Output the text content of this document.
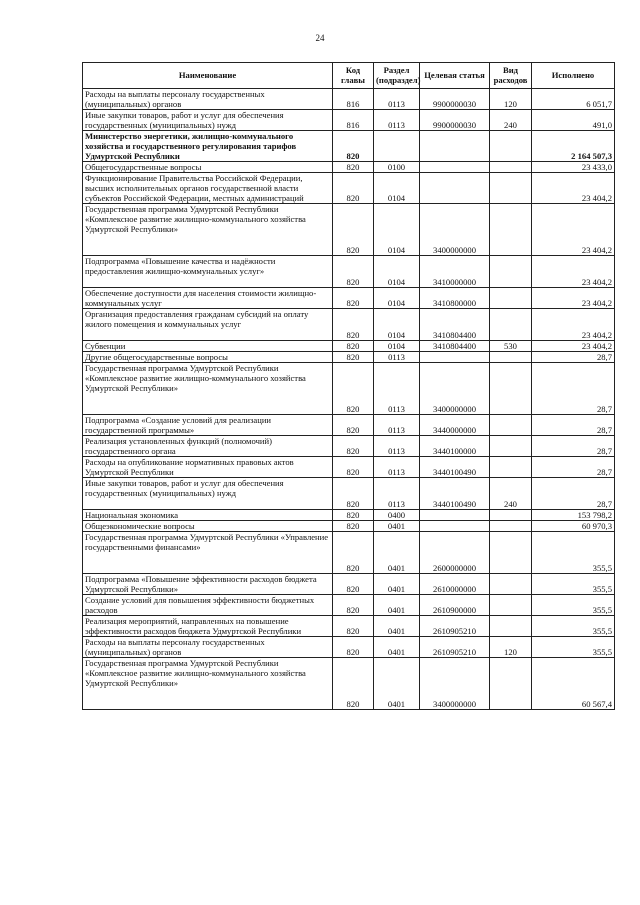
24
Наименование	Код главы	Раздел (подраздел)	Целевая статья	Вид расходов	Исполнено
Расходы на выплаты персоналу государственных (муниципальных) органов	816	0113	9900000030	120	6 051,7
Иные закупки товаров, работ и услуг для обеспечения государственных (муниципальных) нужд	816	0113	9900000030	240	491,0
Министерство энергетики, жилищно-коммунального хозяйства и государственного регулирования тарифов Удмуртской Республики	820				2 164 507,3
Общегосударственные вопросы	820	0100			23 433,0
Функционирование Правительства Российской Федерации, высших исполнительных органов государственной власти субъектов Российской Федерации, местных администраций	820	0104			23 404,2
Государственная программа Удмуртской Республики «Комплексное развитие жилищно-коммунального хозяйства Удмуртской Республики»	820	0104	3400000000		23 404,2
Подпрограмма «Повышение качества и надёжности предоставления жилищно-коммунальных услуг»	820	0104	3410000000		23 404,2
Обеспечение доступности для населения стоимости жилищно-коммунальных услуг	820	0104	3410800000		23 404,2
Организация предоставления гражданам субсидий на оплату жилого помещения и коммунальных услуг	820	0104	3410804400		23 404,2
Субвенции	820	0104	3410804400	530	23 404,2
Другие общегосударственные вопросы	820	0113			28,7
Государственная программа Удмуртской Республики «Комплексное развитие жилищно-коммунального хозяйства Удмуртской Республики»	820	0113	3400000000		28,7
Подпрограмма «Создание условий для реализации государственной программы»	820	0113	3440000000		28,7
Реализация установленных функций (полномочий) государственного органа	820	0113	3440100000		28,7
Расходы на опубликование нормативных правовых актов Удмуртской Республики	820	0113	3440100490		28,7
Иные закупки товаров, работ и услуг для обеспечения государственных (муниципальных) нужд	820	0113	3440100490	240	28,7
Национальная экономика	820	0400			153 798,2
Общеэкономические вопросы	820	0401			60 970,3
Государственная программа Удмуртской Республики «Управление государственными финансами»	820	0401	2600000000		355,5
Подпрограмма «Повышение эффективности расходов бюджета Удмуртской Республики»	820	0401	2610000000		355,5
Создание условий для повышения эффективности бюджетных расходов	820	0401	2610900000		355,5
Реализация мероприятий, направленных на повышение эффективности расходов бюджета Удмуртской Республики	820	0401	2610905210		355,5
Расходы на выплаты персоналу государственных (муниципальных) органов	820	0401	2610905210	120	355,5
Государственная программа Удмуртской Республики «Комплексное развитие жилищно-коммунального хозяйства Удмуртской Республики»	820	0401	3400000000		60 567,4
